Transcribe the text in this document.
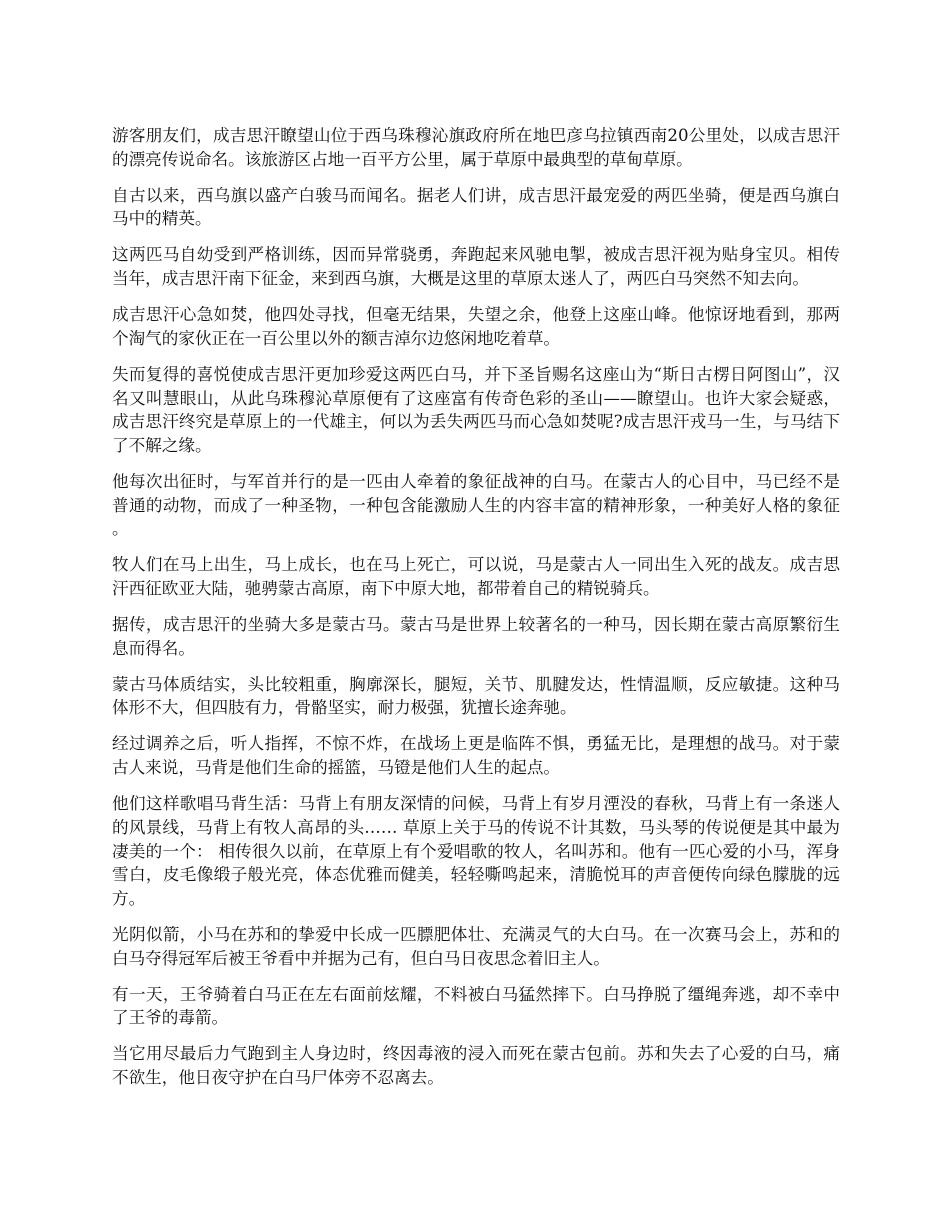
游客朋友们，成吉思汗瞭望山位于西乌珠穆沁旗政府所在地巴彦乌拉镇西南20公里处，以成吉思汗的漂亮传说命名。该旅游区占地一百平方公里，属于草原中最典型的草甸草原。

自古以来，西乌旗以盛产白骏马而闻名。据老人们讲，成吉思汗最宠爱的两匹坐骑，便是西乌旗白马中的精英。

这两匹马自幼受到严格训练，因而异常骁勇，奔跑起来风驰电掣，被成吉思汗视为贴身宝贝。相传当年，成吉思汗南下征金，来到西乌旗，大概是这里的草原太迷人了，两匹白马突然不知去向。

成吉思汗心急如焚，他四处寻找，但毫无结果，失望之余，他登上这座山峰。他惊讶地看到，那两个淘气的家伙正在一百公里以外的额吉淖尔边悠闲地吃着草。

失而复得的喜悦使成吉思汗更加珍爱这两匹白马，并下圣旨赐名这座山为“斯日古楞日阿图山”，汉名又叫慧眼山，从此乌珠穆沁草原便有了这座富有传奇色彩的圣山——瞭望山。也许大家会疑惑，成吉思汗终究是草原上的一代雄主，何以为丢失两匹马而心急如焚呢?成吉思汗戎马一生，与马结下了不解之缘。

他每次出征时，与军首并行的是一匹由人牵着的象征战神的白马。在蒙古人的心目中，马已经不是普通的动物，而成了一种圣物，一种包含能激励人生的内容丰富的精神形象，一种美好人格的象征。

牧人们在马上出生，马上成长，也在马上死亡，可以说，马是蒙古人一同出生入死的战友。成吉思汗西征欧亚大陆，驰骋蒙古高原，南下中原大地，都带着自己的精锐骑兵。

据传，成吉思汗的坐骑大多是蒙古马。蒙古马是世界上较著名的一种马，因长期在蒙古高原繁衍生息而得名。

蒙古马体质结实，头比较粗重，胸廓深长，腿短，关节、肌腱发达，性情温顺，反应敏捷。这种马体形不大，但四肢有力，骨骼坚实，耐力极强，犹擅长途奔驰。

经过调养之后，听人指挥，不惊不炸，在战场上更是临阵不惧，勇猛无比，是理想的战马。对于蒙古人来说，马背是他们生命的摇篮，马镫是他们人生的起点。

他们这样歌唱马背生活：马背上有朋友深情的问候，马背上有岁月湮没的春秋，马背上有一条迷人的风景线，马背上有牧人高昂的头…… 草原上关于马的传说不计其数，马头琴的传说便是其中最为凄美的一个： 相传很久以前，在草原上有个爱唱歌的牧人，名叫苏和。他有一匹心爱的小马，浑身雪白，皮毛像缎子般光亮，体态优雅而健美，轻轻嘶鸣起来，清脆悦耳的声音便传向绿色朦胧的远方。

光阴似箭，小马在苏和的挚爱中长成一匹膘肥体壮、充满灵气的大白马。在一次赛马会上，苏和的白马夺得冠军后被王爷看中并据为己有，但白马日夜思念着旧主人。

有一天，王爷骑着白马正在左右面前炫耀，不料被白马猛然摔下。白马挣脱了缰绳奔逃，却不幸中了王爷的毒箭。

当它用尽最后力气跑到主人身边时，终因毒液的浸入而死在蒙古包前。苏和失去了心爱的白马，痛不欲生，他日夜守护在白马尸体旁不忍离去。
